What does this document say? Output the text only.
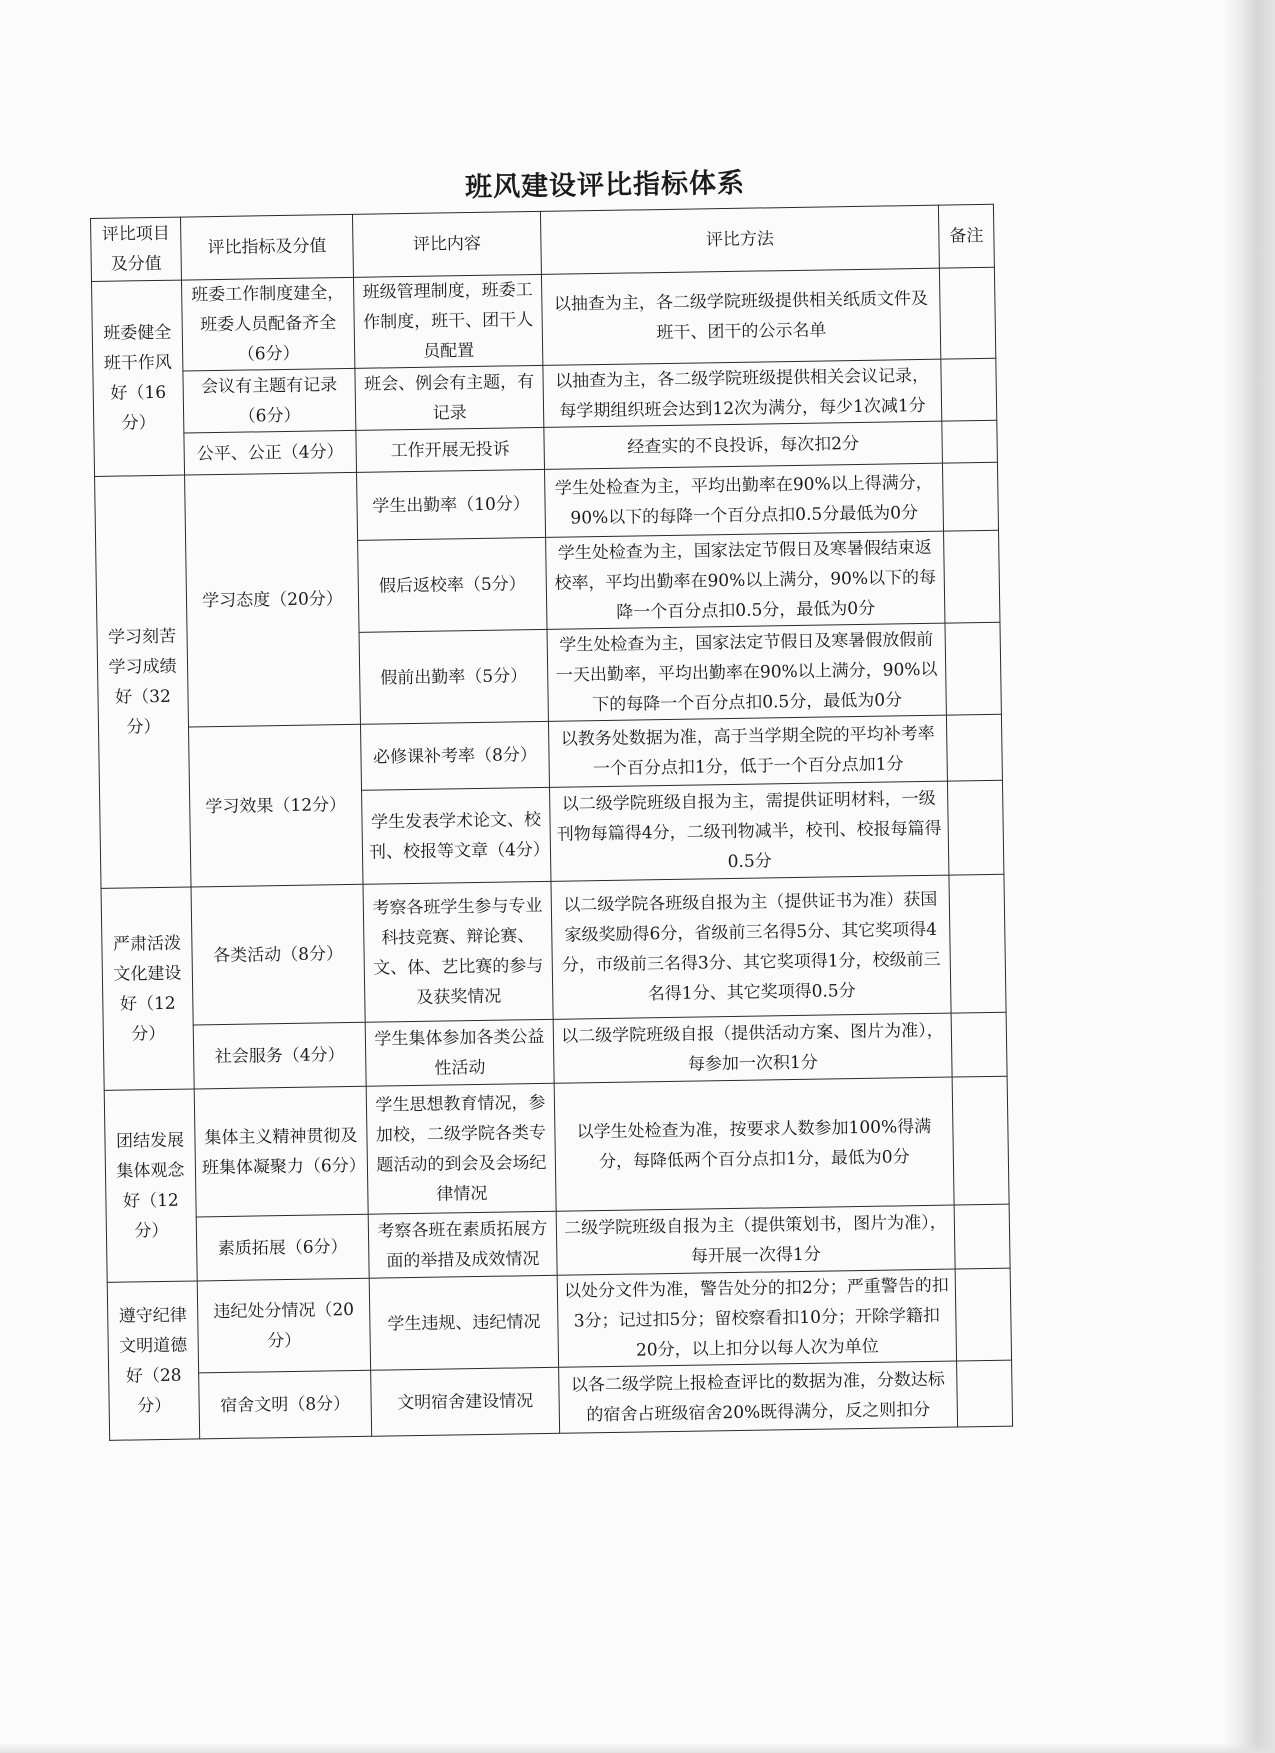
班风建设评比指标体系
评比项目及分值	评比指标及分值	评比内容	评比方法	备注
班委健全班干作风好（16分）	班委工作制度建全，班委人员配备齐全（6分）	班级管理制度，班委工作制度，班干、团干人员配置	以抽查为主，各二级学院班级提供相关纸质文件及班干、团干的公示名单	
	会议有主题有记录（6分）	班会、例会有主题，有记录	以抽查为主，各二级学院班级提供相关会议记录，每学期组织班会达到12次为满分，每少1次减1分	
	公平、公正（4分）	工作开展无投诉	经查实的不良投诉，每次扣2分	
学习刻苦学习成绩好（32分）	学习态度（20分）	学生出勤率（10分）	学生处检查为主，平均出勤率在90%以上得满分，90%以下的每降一个百分点扣0.5分最低为0分	
		假后返校率（5分）	学生处检查为主，国家法定节假日及寒暑假结束返校率，平均出勤率在90%以上满分，90%以下的每降一个百分点扣0.5分，最低为0分	
		假前出勤率（5分）	学生处检查为主，国家法定节假日及寒暑假放假前一天出勤率，平均出勤率在90%以上满分，90%以下的每降一个百分点扣0.5分，最低为0分	
	学习效果（12分）	必修课补考率（8分）	以教务处数据为准，高于当学期全院的平均补考率一个百分点扣1分，低于一个百分点加1分	
		学生发表学术论文、校刊、校报等文章（4分）	以二级学院班级自报为主，需提供证明材料，一级刊物每篇得4分，二级刊物减半，校刊、校报每篇得0.5分	
严肃活泼文化建设好（12分）	各类活动（8分）	考察各班学生参与专业科技竞赛、辩论赛、文、体、艺比赛的参与及获奖情况	以二级学院各班级自报为主（提供证书为准）获国家级奖励得6分，省级前三名得5分、其它奖项得4分，市级前三名得3分、其它奖项得1分，校级前三名得1分、其它奖项得0.5分	
	社会服务（4分）	学生集体参加各类公益性活动	以二级学院班级自报（提供活动方案、图片为准），每参加一次积1分	
团结发展集体观念好（12分）	集体主义精神贯彻及班集体凝聚力（6分）	学生思想教育情况，参加校，二级学院各类专题活动的到会及会场纪律情况	以学生处检查为准，按要求人数参加100%得满分，每降低两个百分点扣1分，最低为0分	
	素质拓展（6分）	考察各班在素质拓展方面的举措及成效情况	二级学院班级自报为主（提供策划书，图片为准），每开展一次得1分	
遵守纪律文明道德好（28分）	违纪处分情况（20分）	学生违规、违纪情况	以处分文件为准，警告处分的扣2分；严重警告的扣3分；记过扣5分；留校察看扣10分；开除学籍扣20分，以上扣分以每人次为单位	
	宿舍文明（8分）	文明宿舍建设情况	以各二级学院上报检查评比的数据为准，分数达标的宿舍占班级宿舍20%既得满分，反之则扣分	
